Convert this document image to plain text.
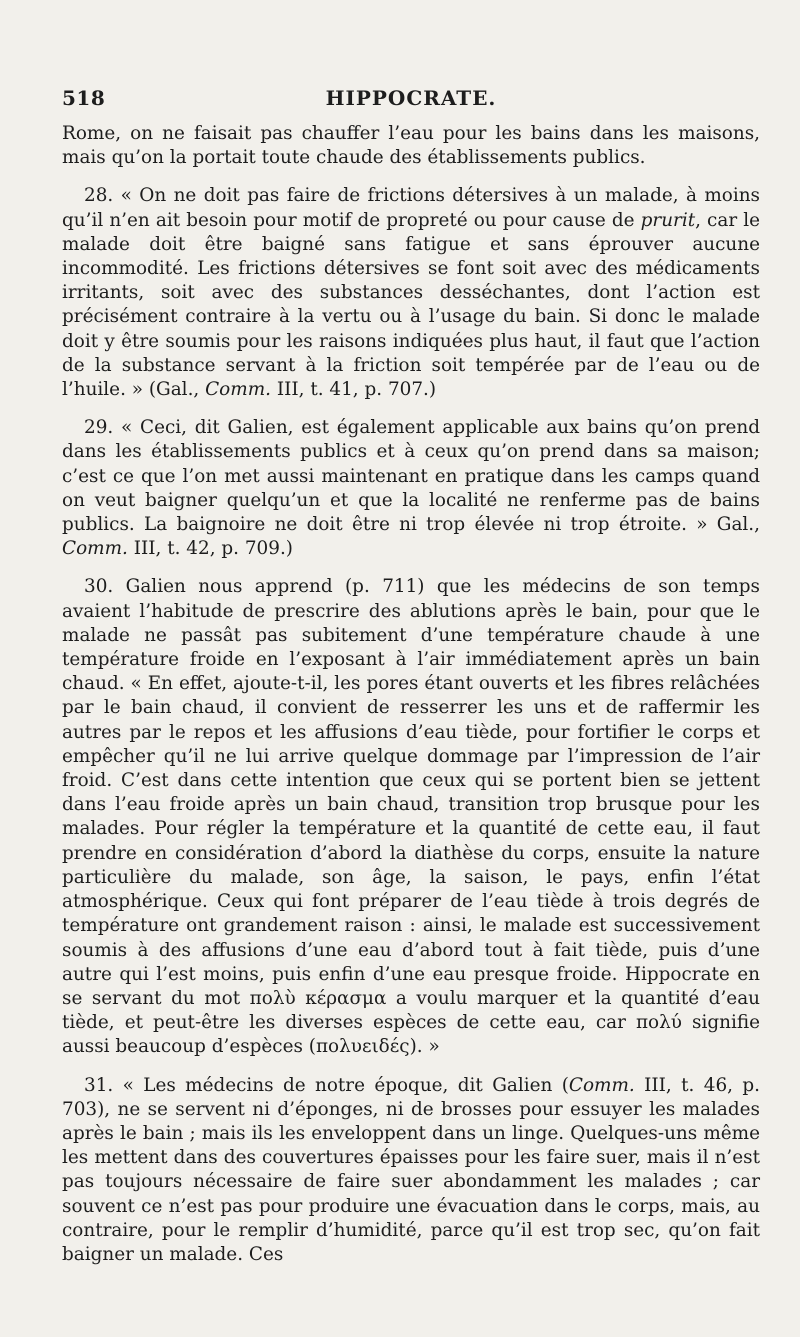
518	HIPPOCRATE.

Rome, on ne faisait pas chauffer l’eau pour les bains dans les maisons, mais qu’on la portait toute chaude des établissements publics.

28. « On ne doit pas faire de frictions détersives à un malade, à moins qu’il n’en ait besoin pour motif de propreté ou pour cause de prurit, car le malade doit être baigné sans fatigue et sans éprouver aucune incommodité. Les frictions détersives se font soit avec des médicaments irritants, soit avec des substances desséchantes, dont l’action est précisément contraire à la vertu ou à l’usage du bain. Si donc le malade doit y être soumis pour les raisons indiquées plus haut, il faut que l’action de la substance servant à la friction soit tempérée par de l’eau ou de l’huile. » (Gal., Comm. III, t. 41, p. 707.)

29. « Ceci, dit Galien, est également applicable aux bains qu’on prend dans les établissements publics et à ceux qu’on prend dans sa maison; c’est ce que l’on met aussi maintenant en pratique dans les camps quand on veut baigner quelqu’un et que la localité ne renferme pas de bains publics. La baignoire ne doit être ni trop élevée ni trop étroite. » Gal., Comm. III, t. 42, p. 709.)

30. Galien nous apprend (p. 711) que les médecins de son temps avaient l’habitude de prescrire des ablutions après le bain, pour que le malade ne passât pas subitement d’une température chaude à une température froide en l’exposant à l’air immédiatement après un bain chaud. « En effet, ajoute-t-il, les pores étant ouverts et les fibres relâchées par le bain chaud, il convient de resserrer les uns et de raffermir les autres par le repos et les affusions d’eau tiède, pour fortifier le corps et empêcher qu’il ne lui arrive quelque dommage par l’impression de l’air froid. C’est dans cette intention que ceux qui se portent bien se jettent dans l’eau froide après un bain chaud, transition trop brusque pour les malades. Pour régler la température et la quantité de cette eau, il faut prendre en considération d’abord la diathèse du corps, ensuite la nature particulière du malade, son âge, la saison, le pays, enfin l’état atmosphérique. Ceux qui font préparer de l’eau tiède à trois degrés de température ont grandement raison : ainsi, le malade est successivement soumis à des affusions d’une eau d’abord tout à fait tiède, puis d’une autre qui l’est moins, puis enfin d’une eau presque froide. Hippocrate en se servant du mot πολὺ κέρασμα a voulu marquer et la quantité d’eau tiède, et peut-être les diverses espèces de cette eau, car πολύ signifie aussi beaucoup d’espèces (πολυειδές). »

31. « Les médecins de notre époque, dit Galien (Comm. III, t. 46, p. 703), ne se servent ni d’éponges, ni de brosses pour essuyer les malades après le bain ; mais ils les enveloppent dans un linge. Quelques-uns même les mettent dans des couvertures épaisses pour les faire suer, mais il n’est pas toujours nécessaire de faire suer abondamment les malades ; car souvent ce n’est pas pour produire une évacuation dans le corps, mais, au contraire, pour le remplir d’humidité, parce qu’il est trop sec, qu’on fait baigner un malade. Ces
